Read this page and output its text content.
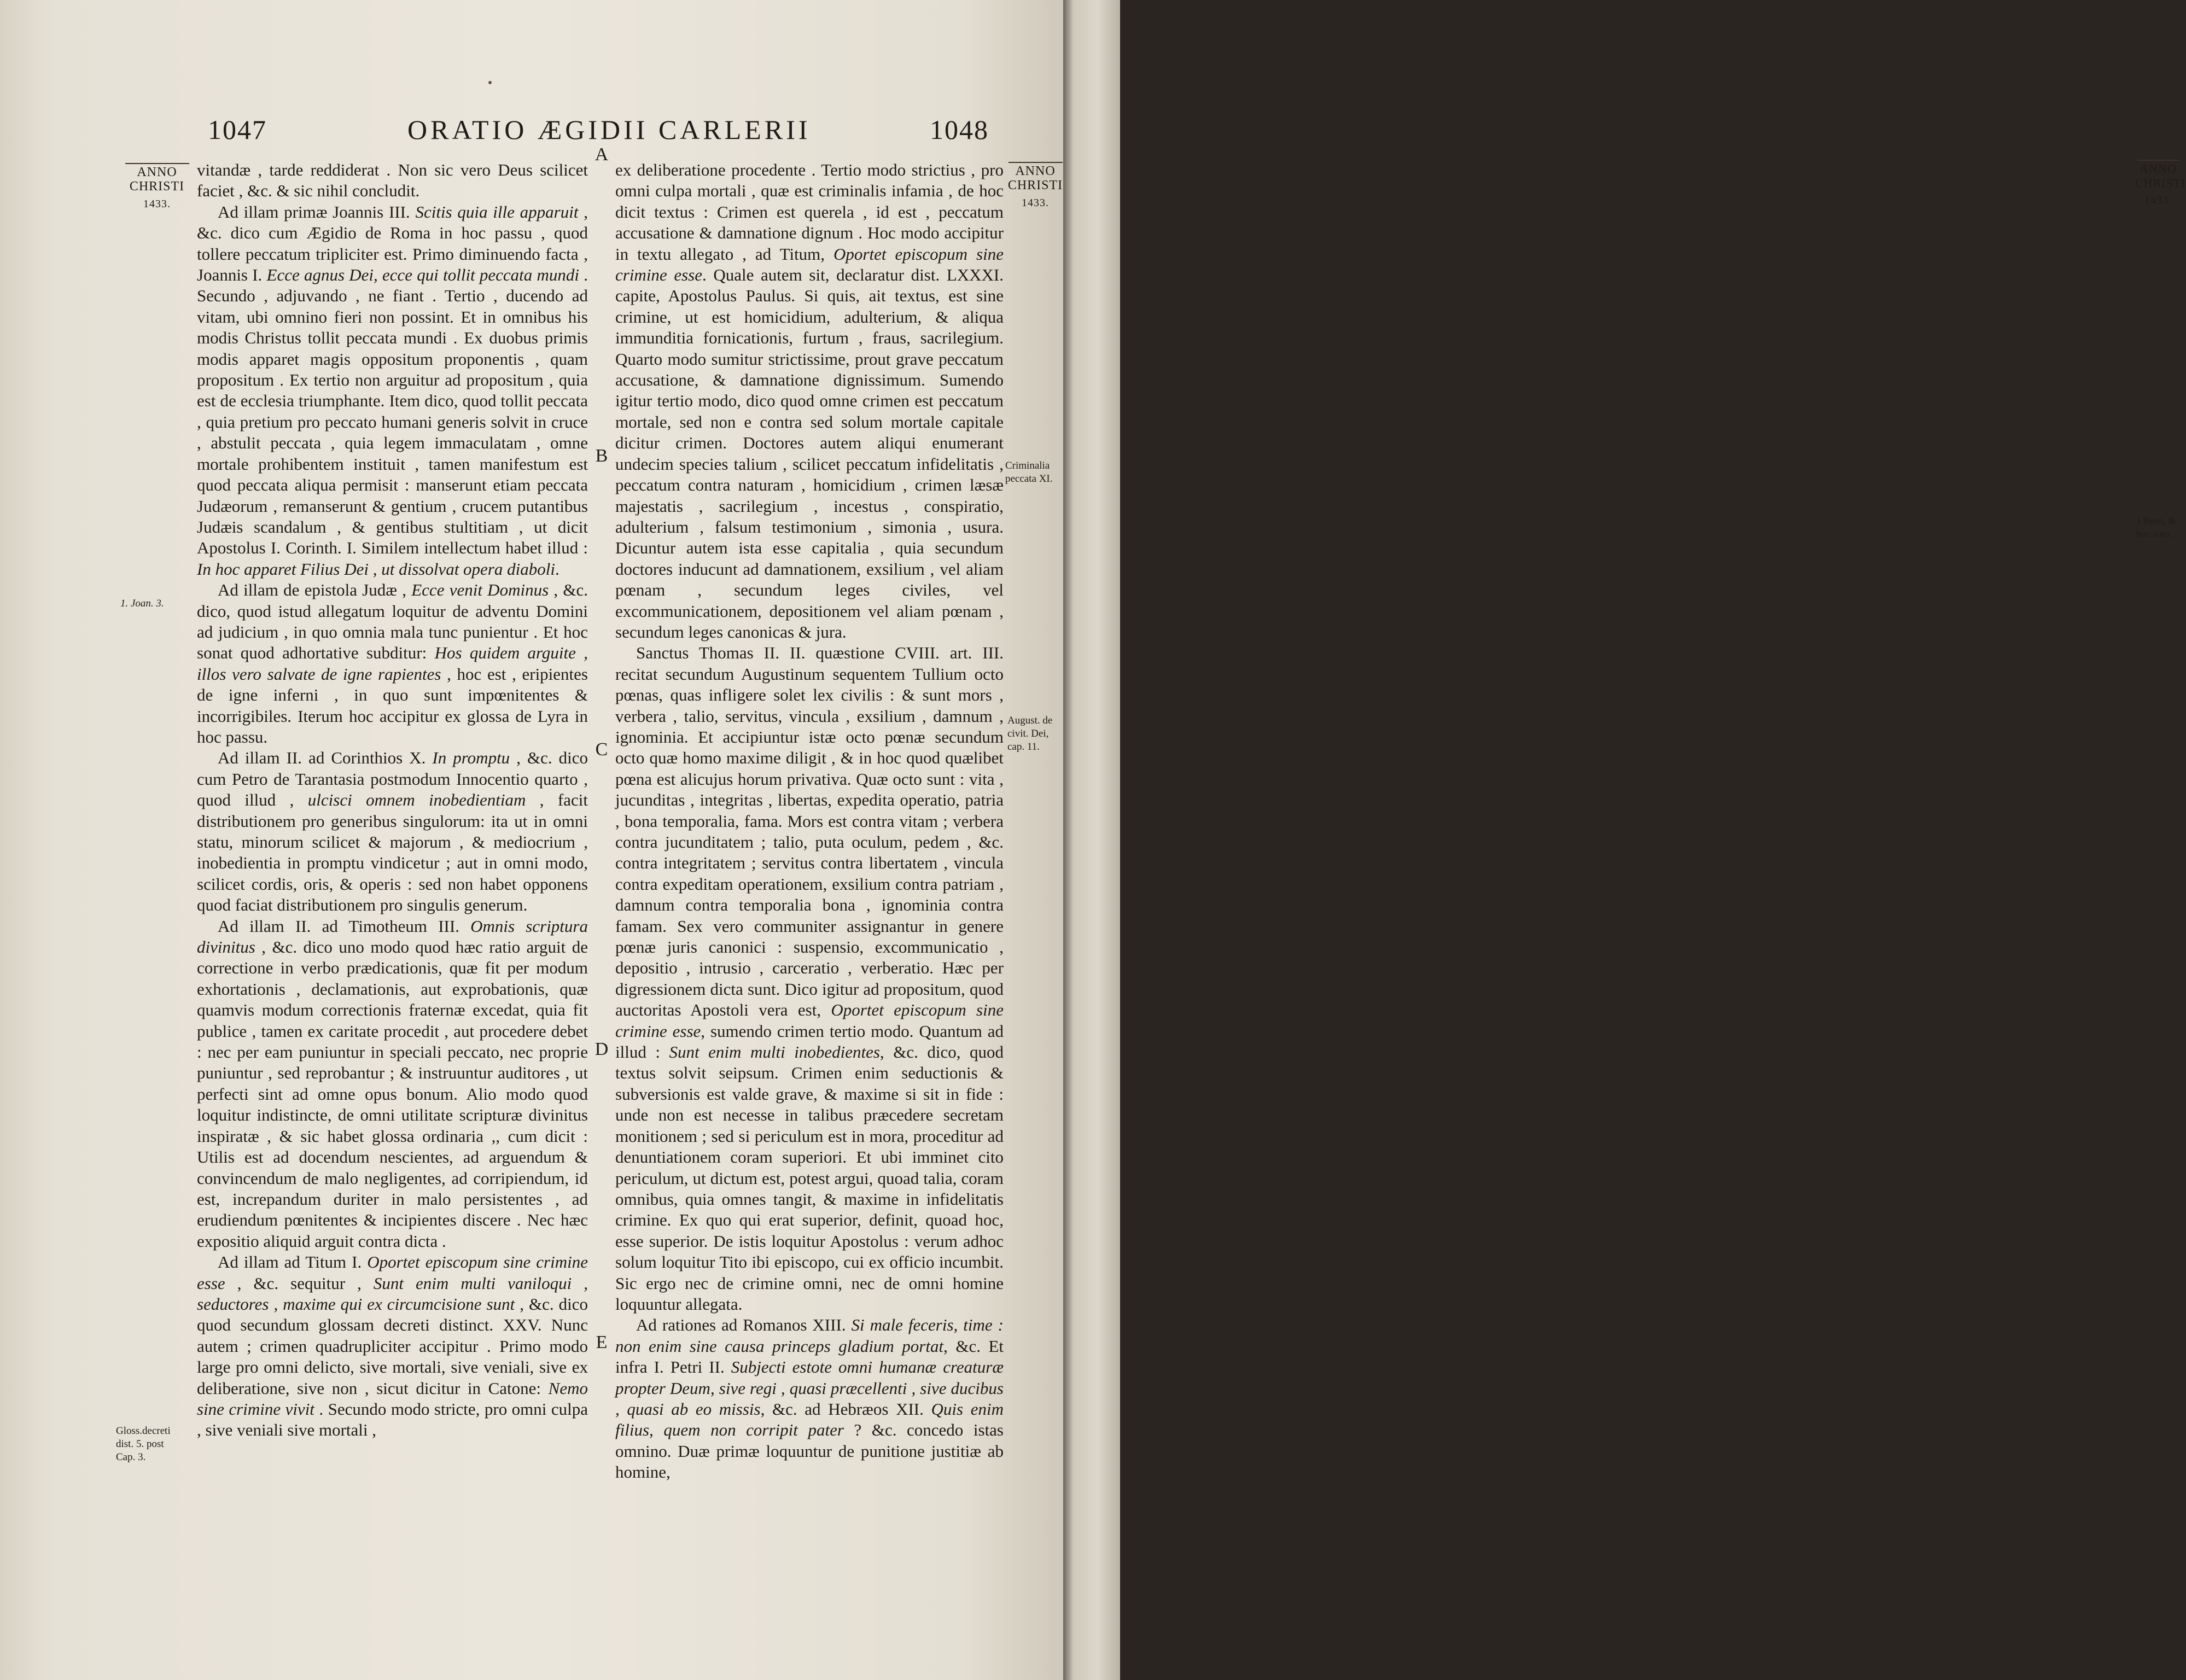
1047	ORATIO ÆGIDII CARLERII	1048
ANNO
CHRISTI
1433.
ANNO
CHRISTI
1433.
1. Joan. 3.
Gloss.decreti
dist. 5. post
Cap. 3.
Criminalia
peccata XI.
August. de
civit. Dei,
cap. 11.
A
B
C
D
E

vitandæ , tarde reddiderat . Non sic vero Deus scilicet faciet , &c. & sic nihil concludit.

Ad illam primæ Joannis III. Scitis quia ille apparuit , &c. dico cum Ægidio de Roma in hoc passu , quod tollere peccatum tripliciter est. Primo diminuendo facta , Joannis I. Ecce agnus Dei, ecce qui tollit peccata mundi . Secundo , adjuvando , ne fiant . Tertio , ducendo ad vitam, ubi omnino fieri non possint. Et in omnibus his modis Christus tollit peccata mundi . Ex duobus primis modis apparet magis oppositum proponentis , quam propositum . Ex tertio non arguitur ad propositum , quia est de ecclesia triumphante. Item dico, quod tollit peccata , quia pretium pro peccato humani generis solvit in cruce , abstulit peccata , quia legem immaculatam , omne mortale prohibentem instituit , tamen manifestum est quod peccata aliqua permisit : manserunt etiam peccata Judæorum , remanserunt & gentium , crucem putantibus Judæis scandalum , & gentibus stultitiam , ut dicit Apostolus I. Corinth. I. Similem intellectum habet illud : In hoc apparet Filius Dei , ut dissolvat opera diaboli.

Ad illam de epistola Judæ , Ecce venit Dominus , &c. dico, quod istud allegatum loquitur de adventu Domini ad judicium , in quo omnia mala tunc punientur . Et hoc sonat quod adhortative subditur: Hos quidem arguite , illos vero salvate de igne rapientes , hoc est , eripientes de igne inferni , in quo sunt impœnitentes & incorrigibiles. Iterum hoc accipitur ex glossa de Lyra in hoc passu.

Ad illam II. ad Corinthios X. In promptu , &c. dico cum Petro de Tarantasia postmodum Innocentio quarto , quod illud , ulcisci omnem inobedientiam , facit distributionem pro generibus singulorum: ita ut in omni statu, minorum scilicet & majorum , & mediocrium , inobedientia in promptu vindicetur ; aut in omni modo, scilicet cordis, oris, & operis : sed non habet opponens quod faciat distributionem pro singulis generum.

Ad illam II. ad Timotheum III. Omnis scriptura divinitus , &c. dico uno modo quod hæc ratio arguit de correctione in verbo prædicationis, quæ fit per modum exhortationis , declamationis, aut exprobationis, quæ quamvis modum correctionis fraternæ excedat, quia fit publice , tamen ex caritate procedit , aut procedere debet : nec per eam puniuntur in speciali peccato, nec proprie puniuntur , sed reprobantur ; & instruuntur auditores , ut perfecti sint ad omne opus bonum. Alio modo quod loquitur indistincte, de omni utilitate scripturæ divinitus inspiratæ , & sic habet glossa ordinaria ,, cum dicit : Utilis est ad docendum nescientes, ad arguendum & convincendum de malo negligentes, ad corripiendum, id est, increpandum duriter in malo persistentes , ad erudiendum pœnitentes & incipientes discere . Nec hæc expositio aliquid arguit contra dicta .

Ad illam ad Titum I. Oportet episcopum sine crimine esse , &c. sequitur , Sunt enim multi vaniloqui , seductores , maxime qui ex circumcisione sunt , &c. dico quod secundum glossam decreti distinct. XXV. Nunc autem ; crimen quadrupliciter accipitur . Primo modo large pro omni delicto, sive mortali, sive veniali, sive ex deliberatione, sive non , sicut dicitur in Catone: Nemo sine crimine vivit . Secundo modo stricte, pro omni culpa , sive veniali sive mortali ,

ex deliberatione procedente . Tertio modo strictius , pro omni culpa mortali , quæ est criminalis infamia , de hoc dicit textus : Crimen est querela , id est , peccatum accusatione & damnatione dignum . Hoc modo accipitur in textu allegato , ad Titum, Oportet episcopum sine crimine esse. Quale autem sit, declaratur dist. LXXXI. capite, Apostolus Paulus. Si quis, ait textus, est sine crimine, ut est homicidium, adulterium, & aliqua immunditia fornicationis, furtum , fraus, sacrilegium. Quarto modo sumitur strictissime, prout grave peccatum accusatione, & damnatione dignissimum. Sumendo igitur tertio modo, dico quod omne crimen est peccatum mortale, sed non e contra sed solum mortale capitale dicitur crimen. Doctores autem aliqui enumerant undecim species talium , scilicet peccatum infidelitatis , peccatum contra naturam , homicidium , crimen læsæ majestatis , sacrilegium , incestus , conspiratio, adulterium , falsum testimonium , simonia , usura. Dicuntur autem ista esse capitalia , quia secundum doctores inducunt ad damnationem, exsilium , vel aliam pœnam , secundum leges civiles, vel excommunicationem, depositionem vel aliam pœnam , secundum leges canonicas & jura.

Sanctus Thomas II. II. quæstione CVIII. art. III. recitat secundum Augustinum sequentem Tullium octo pœnas, quas infligere solet lex civilis : & sunt mors , verbera , talio, servitus, vincula , exsilium , damnum , ignominia. Et accipiuntur istæ octo pœnæ secundum octo quæ homo maxime diligit , & in hoc quod quælibet pœna est alicujus horum privativa. Quæ octo sunt : vita , jucunditas , integritas , libertas, expedita operatio, patria , bona temporalia, fama. Mors est contra vitam ; verbera contra jucunditatem ; talio, puta oculum, pedem , &c. contra integritatem ; servitus contra libertatem , vincula contra expeditam operationem, exsilium contra patriam , damnum contra temporalia bona , ignominia contra famam. Sex vero communiter assignantur in genere pœnæ juris canonici : suspensio, excommunicatio , depositio , intrusio , carceratio , verberatio. Hæc per digressionem dicta sunt. Dico igitur ad propositum, quod auctoritas Apostoli vera est, Oportet episcopum sine crimine esse, sumendo crimen tertio modo. Quantum ad illud : Sunt enim multi inobedientes, &c. dico, quod textus solvit seipsum. Crimen enim seductionis & subversionis est valde grave, & maxime si sit in fide : unde non est necesse in talibus præcedere secretam monitionem ; sed si periculum est in mora, proceditur ad denuntiationem coram superiori. Et ubi imminet cito periculum, ut dictum est, potest argui, quoad talia, coram omnibus, quia omnes tangit, & maxime in infidelitatis crimine. Ex quo qui erat superior, definit, quoad hoc, esse superior. De istis loquitur Apostolus : verum adhoc solum loquitur Tito ibi episcopo, cui ex officio incumbit. Sic ergo nec de crimine omni, nec de omni homine loquuntur allegata.

Ad rationes ad Romanos XIII. Si male feceris, time : non enim sine causa princeps gladium portat, &c. Et infra I. Petri II. Subjecti estote omni humanæ creaturæ propter Deum, sive regi , quasi præcellenti , sive ducibus , quasi ab eo missis, &c. ad Hebræos XII. Quis enim filius, quem non corripit pater ? &c. concedo istas omnino. Duæ primæ loquuntur de punitione justitiæ ab homine,

ANNO
CHRISTI
1433.
1 Fenn, &
hoc nato.
